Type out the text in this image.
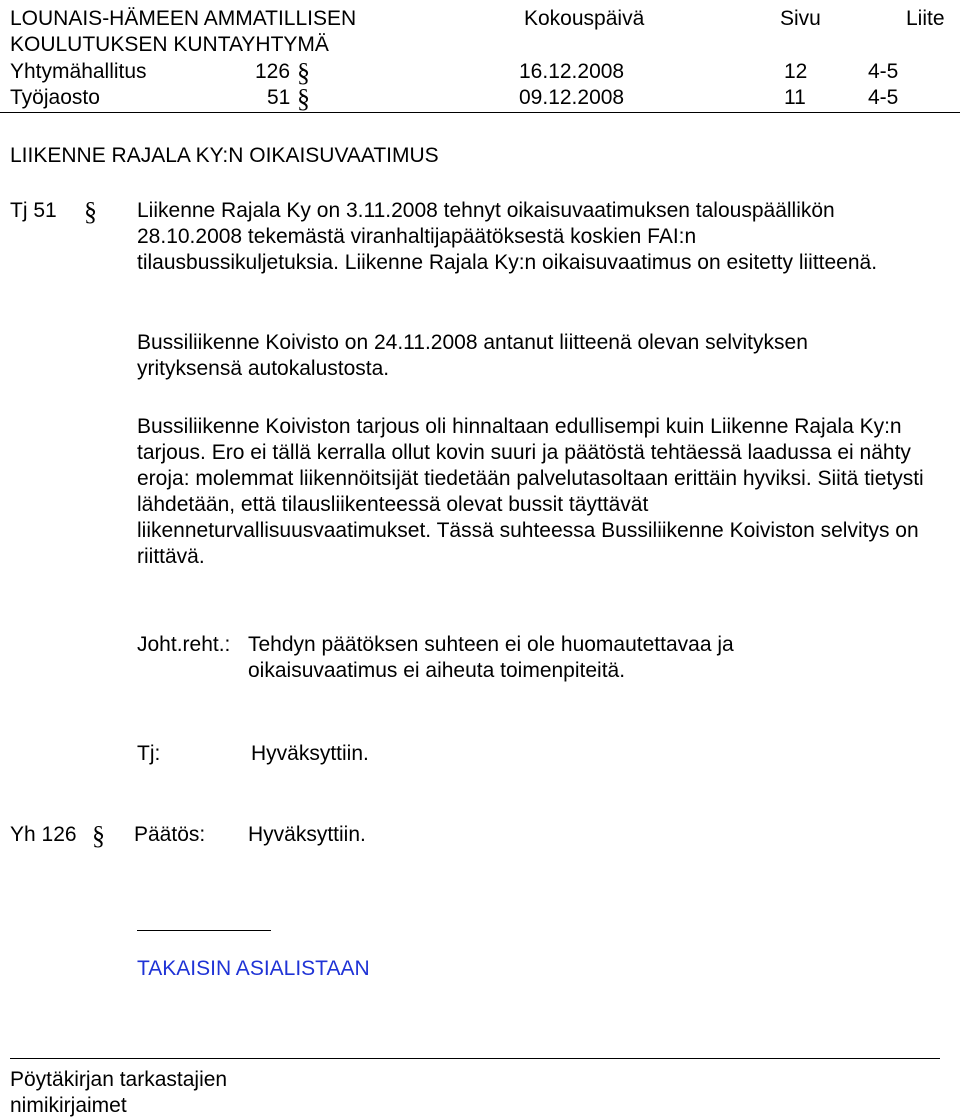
LOUNAIS-HÄMEEN AMMATILLISEN
KOULUTUKSEN KUNTAYHTYMÄ
Kokouspäivä	Sivu	Liite
Yhtymähallitus	126 §	16.12.2008	12	4-5
Työjaosto	51 §	09.12.2008	11	4-5
LIIKENNE RAJALA KY:N OIKAISUVAATIMUS
Tj 51 § Liikenne Rajala Ky on 3.11.2008 tehnyt oikaisuvaatimuksen talouspäällikön 28.10.2008 tekemästä viranhaltijapäätöksestä koskien FAI:n tilausbussikuljetuksia. Liikenne Rajala Ky:n oikaisuvaatimus on esitetty liitteenä.
Bussiliikenne Koivisto on 24.11.2008 antanut liitteenä olevan selvityksen yrityksensä autokalustosta.
Bussiliikenne Koiviston tarjous oli hinnaltaan edullisempi kuin Liikenne Rajala Ky:n tarjous. Ero ei tällä kerralla ollut kovin suuri ja päätöstä tehtäessä laadussa ei nähty eroja: molemmat liikennöitsijät tiedetään palvelutasoltaan erittäin hyviksi. Siitä tietysti lähdetään, että tilausliikenteessä olevat bussit täyttävät liikenneturvallisuusvaatimukset. Tässä suhteessa Bussiliikenne Koiviston selvitys on riittävä.
Joht.reht.: Tehdyn päätöksen suhteen ei ole huomautettavaa ja oikaisuvaatimus ei aiheuta toimenpiteitä.
Tj:	Hyväksyttiin.
Yh 126 § Päätös: Hyväksyttiin.
TAKAISIN ASIALISTAAN
Pöytäkirjan tarkastajien
nimikirjaimet
